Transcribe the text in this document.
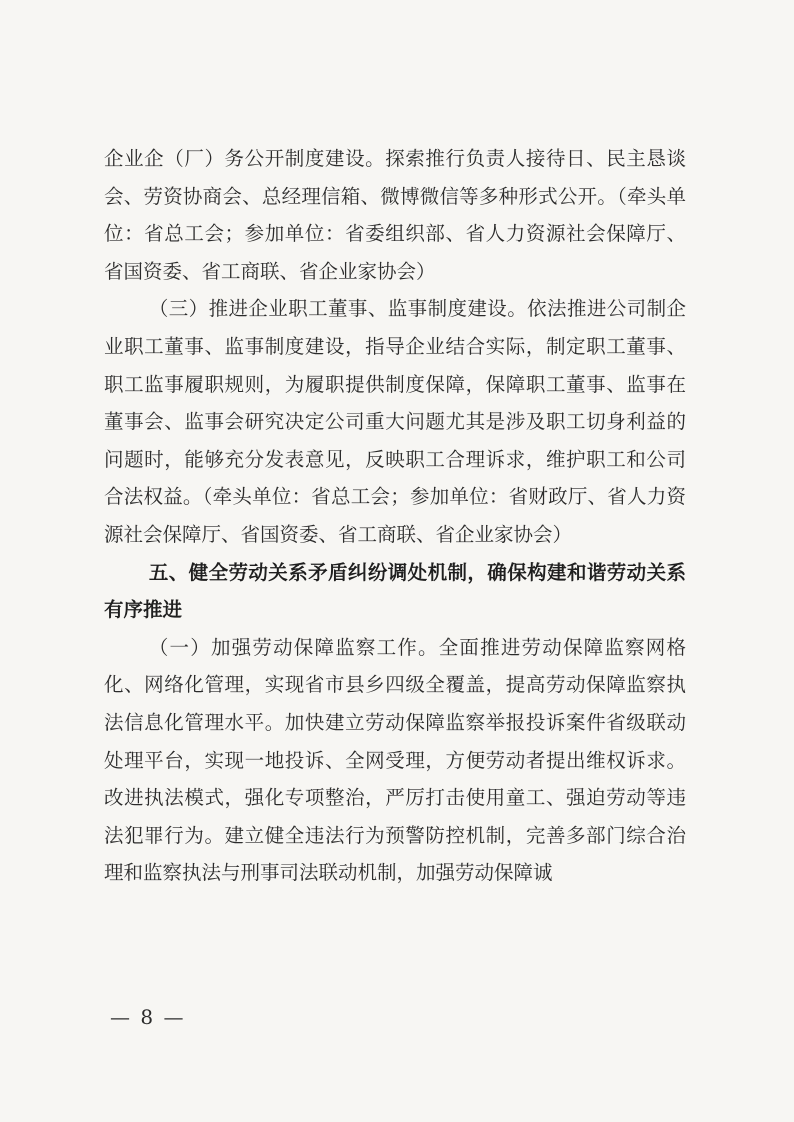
企业企（厂）务公开制度建设。探索推行负责人接待日、民主恳谈会、劳资协商会、总经理信箱、微博微信等多种形式公开。（牵头单位：省总工会；参加单位：省委组织部、省人力资源社会保障厅、省国资委、省工商联、省企业家协会）

（三）推进企业职工董事、监事制度建设。依法推进公司制企业职工董事、监事制度建设，指导企业结合实际，制定职工董事、职工监事履职规则，为履职提供制度保障，保障职工董事、监事在董事会、监事会研究决定公司重大问题尤其是涉及职工切身利益的问题时，能够充分发表意见，反映职工合理诉求，维护职工和公司合法权益。（牵头单位：省总工会；参加单位：省财政厅、省人力资源社会保障厅、省国资委、省工商联、省企业家协会）

五、健全劳动关系矛盾纠纷调处机制，确保构建和谐劳动关系有序推进

（一）加强劳动保障监察工作。全面推进劳动保障监察网格化、网络化管理，实现省市县乡四级全覆盖，提高劳动保障监察执法信息化管理水平。加快建立劳动保障监察举报投诉案件省级联动处理平台，实现一地投诉、全网受理，方便劳动者提出维权诉求。改进执法模式，强化专项整治，严厉打击使用童工、强迫劳动等违法犯罪行为。建立健全违法行为预警防控机制，完善多部门综合治理和监察执法与刑事司法联动机制，加强劳动保障诚

— 8 —
